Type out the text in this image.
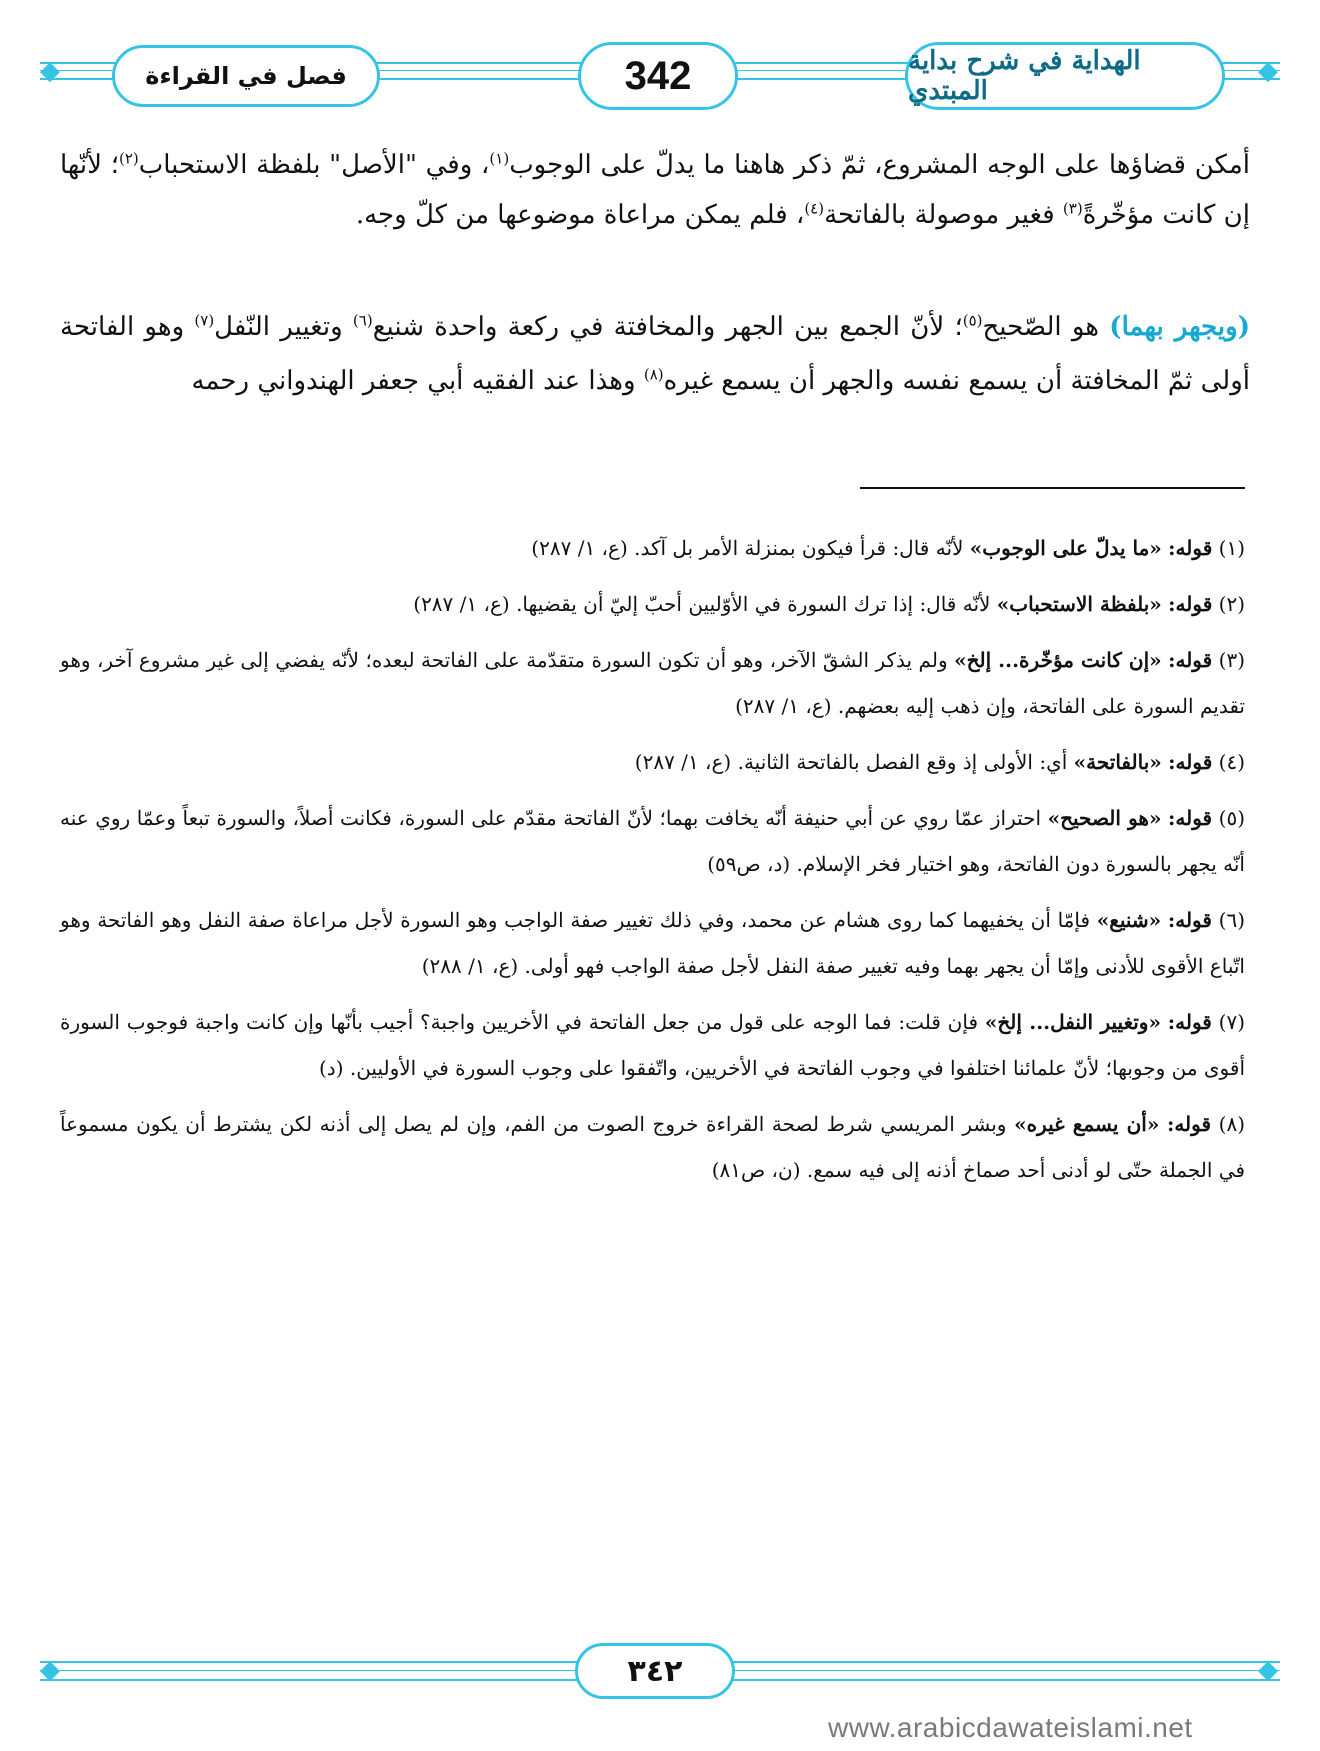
◆	◆
الهداية في شرح بداية المبتدي
342
فصل في القراءة

أمكن قضاؤها على الوجه المشروع، ثمّ ذكر هاهنا ما يدلّ على الوجوب$^{(١)}$، وفي "الأصل" بلفظة الاستحباب$^{(٢)}$؛ لأنّها إن كانت مؤخّرةً$^{(٣)}$ فغير موصولة بالفاتحة$^{(٤)}$، فلم يمكن مراعاة موضوعها من كلّ وجه.

(ويجهر بهما) هو الصّحيح$^{(٥)}$؛ لأنّ الجمع بين الجهر والمخافتة في ركعة واحدة شنيع$^{(٦)}$ وتغيير النّفل$^{(٧)}$ وهو الفاتحة أولى ثمّ المخافتة أن يسمع نفسه والجهر أن يسمع غيره$^{(٨)}$ وهذا عند الفقيه أبي جعفر الهندواني رحمه

(١) قوله: «ما يدلّ على الوجوب» لأنّه قال: قرأ فيكون بمنزلة الأمر بل آكد. (ع، ١/ ٢٨٧)

(٢) قوله: «بلفظة الاستحباب» لأنّه قال: إذا ترك السورة في الأوّليين أحبّ إليّ أن يقضيها. (ع، ١/ ٢٨٧)

(٣) قوله: «إن كانت مؤخّرة... إلخ» ولم يذكر الشقّ الآخر، وهو أن تكون السورة متقدّمة على الفاتحة لبعده؛ لأنّه يفضي إلى غير مشروع آخر، وهو تقديم السورة على الفاتحة، وإن ذهب إليه بعضهم. (ع، ١/ ٢٨٧)

(٤) قوله: «بالفاتحة» أي: الأولى إذ وقع الفصل بالفاتحة الثانية. (ع، ١/ ٢٨٧)

(٥) قوله: «هو الصحيح» احتراز عمّا روي عن أبي حنيفة أنّه يخافت بهما؛ لأنّ الفاتحة مقدّم على السورة، فكانت أصلاً، والسورة تبعاً وعمّا روي عنه أنّه يجهر بالسورة دون الفاتحة، وهو اختيار فخر الإسلام. (د، ص٥٩)

(٦) قوله: «شنيع» فإمّا أن يخفيهما كما روى هشام عن محمد، وفي ذلك تغيير صفة الواجب وهو السورة لأجل مراعاة صفة النفل وهو الفاتحة وهو اتّباع الأقوى للأدنى وإمّا أن يجهر بهما وفيه تغيير صفة النفل لأجل صفة الواجب فهو أولى. (ع، ١/ ٢٨٨)

(٧) قوله: «وتغيير النفل... إلخ» فإن قلت: فما الوجه على قول من جعل الفاتحة في الأخريين واجبة؟ أجيب بأنّها وإن كانت واجبة فوجوب السورة أقوى من وجوبها؛ لأنّ علمائنا اختلفوا في وجوب الفاتحة في الأخريين، واتّفقوا على وجوب السورة في الأوليين. (د)

(٨) قوله: «أن يسمع غيره» وبشر المريسي شرط لصحة القراءة خروج الصوت من الفم، وإن لم يصل إلى أذنه لكن يشترط أن يكون مسموعاً في الجملة حتّى لو أدنى أحد صماخ أذنه إلى فيه سمع. (ن، ص٨١)

◆	◆
٣٤٢
www.arabicdawateislami.net
